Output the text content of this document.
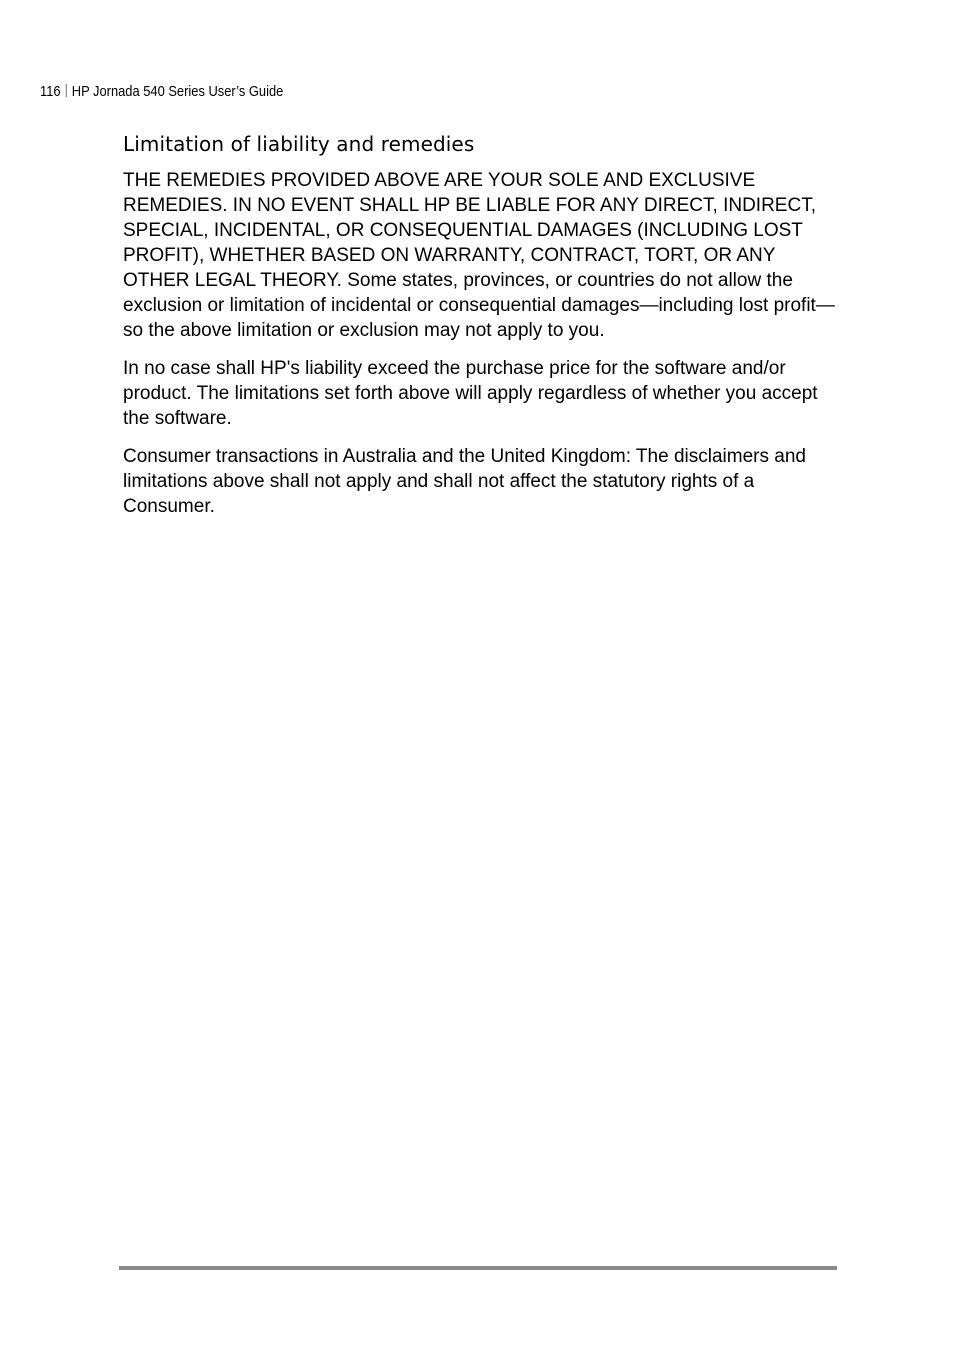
116 HP Jornada 540 Series User’s Guide
Limitation of liability and remedies

THE REMEDIES PROVIDED ABOVE ARE YOUR SOLE AND EXCLUSIVE REMEDIES. IN NO EVENT SHALL HP BE LIABLE FOR ANY DIRECT, INDIRECT, SPECIAL, INCIDENTAL, OR CONSEQUENTIAL DAMAGES (INCLUDING LOST PROFIT), WHETHER BASED ON WARRANTY, CONTRACT, TORT, OR ANY OTHER LEGAL THEORY. Some states, provinces, or countries do not allow the exclusion or limitation of incidental or consequential damages—including lost profit—so the above limitation or exclusion may not apply to you.

In no case shall HP's liability exceed the purchase price for the software and/or product. The limitations set forth above will apply regardless of whether you accept the software.

Consumer transactions in Australia and the United Kingdom: The disclaimers and limitations above shall not apply and shall not affect the statutory rights of a Consumer.
